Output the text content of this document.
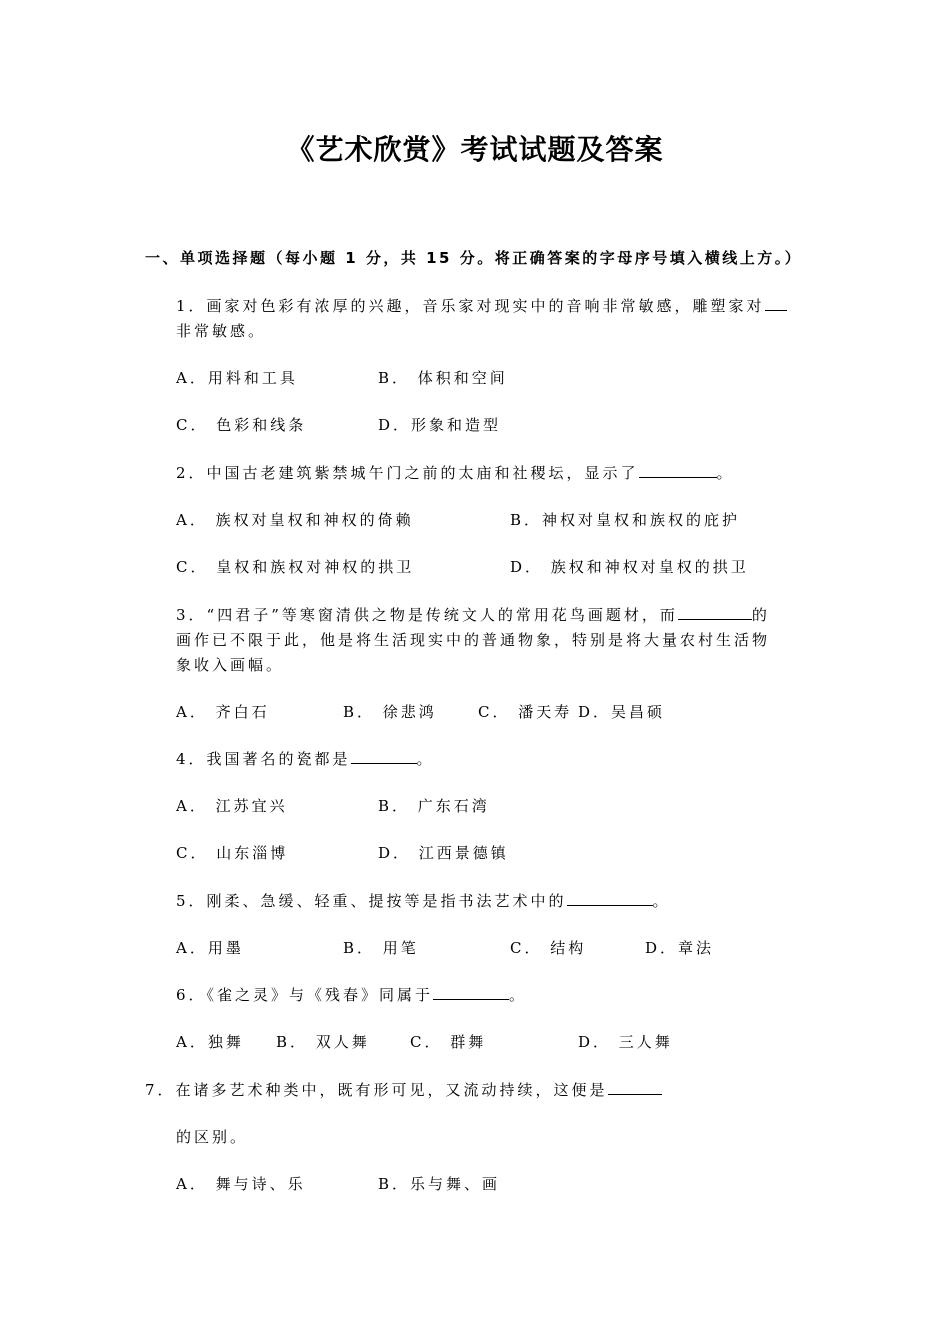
《艺术欣赏》考试试题及答案
一、单项选择题（每小题 1 分，共 15 分。将正确答案的字母序号填入横线上方。）
1．画家对色彩有浓厚的兴趣，音乐家对现实中的音响非常敏感，雕塑家对
非常敏感。
A．用料和工具	B． 体积和空间
C． 色彩和线条	D．形象和造型
2．中国古老建筑紫禁城午门之前的太庙和社稷坛，显示了	。
A． 族权对皇权和神权的倚赖	B．神权对皇权和族权的庇护
C． 皇权和族权对神权的拱卫	D． 族权和神权对皇权的拱卫
3．“四君子”等寒窗清供之物是传统文人的常用花鸟画题材，而	的
画作已不限于此，他是将生活现实中的普通物象，特别是将大量农村生活物
象收入画幅。
A． 齐白石	B． 徐悲鸿	C． 潘天寿 D．吴昌硕
4．我国著名的瓷都是	。
A． 江苏宜兴	B． 广东石湾
C． 山东淄博	D． 江西景德镇
5．刚柔、急缓、轻重、提按等是指书法艺术中的	。
A．用墨	B． 用笔	C． 结构	D．章法
6．《雀之灵》与《残春》同属于	。
A．独舞 B． 双人舞	C． 群舞	D． 三人舞
7．在诸多艺术种类中，既有形可见，又流动持续，这便是
的区别。
A． 舞与诗、乐	B．乐与舞、画
